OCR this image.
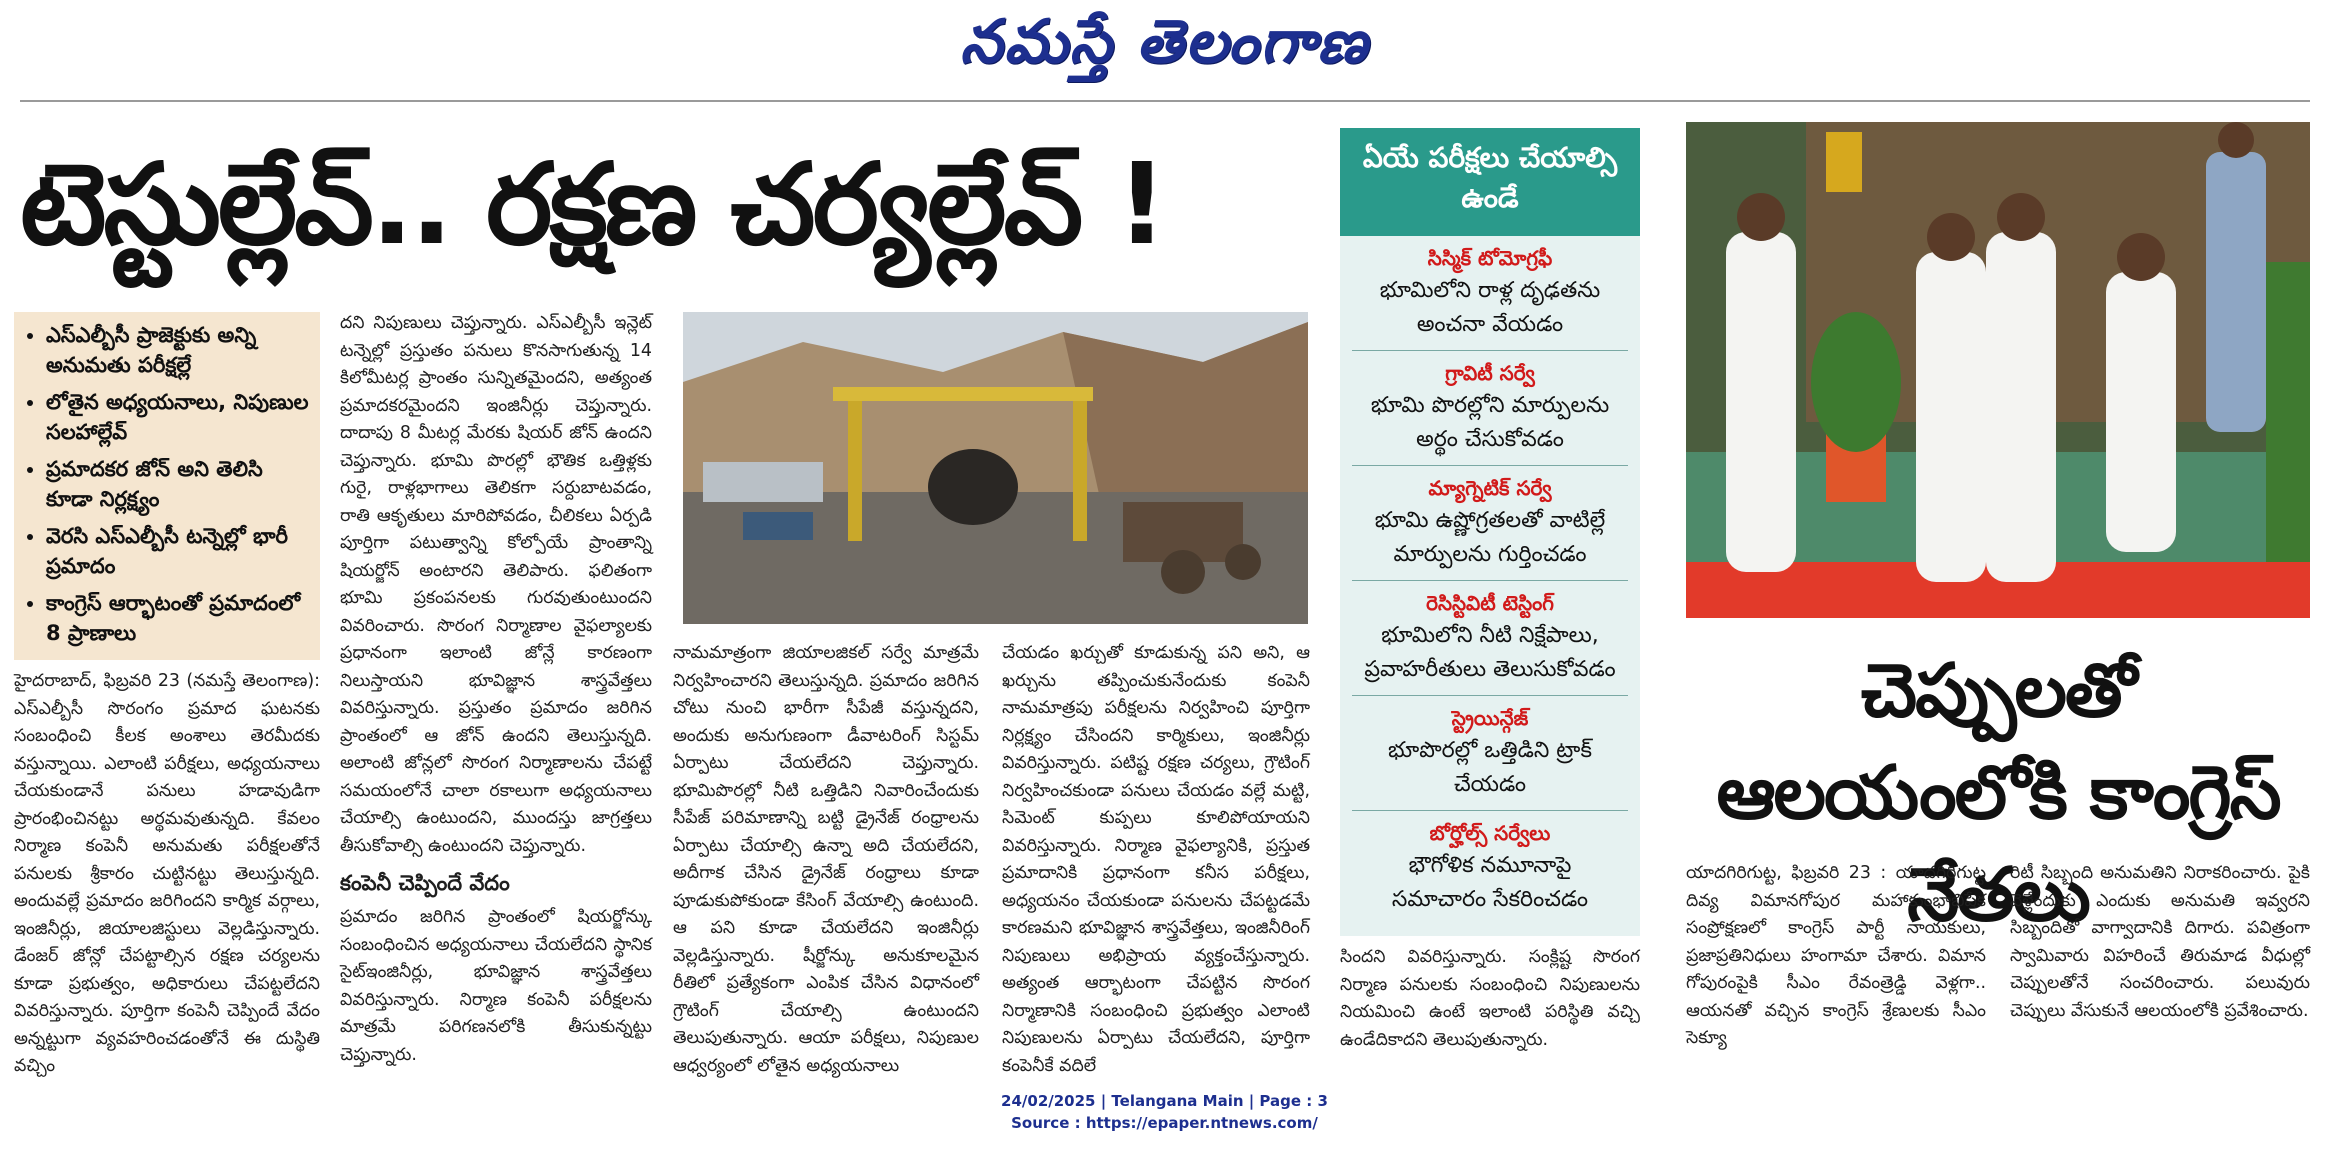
నమస్తే తెలంగాణ
టెస్టుల్లేవ్.. రక్షణ చర్యల్లేవ్ !
• ఎస్ఎల్బీసీ ప్రాజెక్టుకు అన్ని అనుమతు పరీక్షల్లే
• లోతైన అధ్యయనాలు, నిపుణుల సలహాల్లేవ్
• ప్రమాదకర జోన్ అని తెలిసి కూడా నిర్లక్ష్యం
• వెరసి ఎస్ఎల్బీసీ టన్నెల్లో భారీ ప్రమాదం
• కాంగ్రెస్ ఆర్భాటంతో ప్రమాదంలో 8 ప్రాణాలు
హైదరాబాద్, ఫిబ్రవరి 23 (నమస్తే తెలంగాణ): ఎస్ఎల్బీసీ సొరంగం ప్రమాద ఘటనకు సంబంధించి కీలక అంశాలు తెరమీదకు వస్తున్నాయి. ఎలాంటి పరీక్షలు, అధ్యయనాలు చేయకుండానే పనులు హడావుడిగా ప్రారంభించినట్టు అర్థమవుతున్నది. కేవలం నిర్మాణ కంపెనీ అనుమతు పరీక్షలతోనే పనులకు శ్రీకారం చుట్టినట్టు తెలుస్తున్నది. అందువల్లే ప్రమాదం జరిగిందని కార్మిక వర్గాలు, ఇంజినీర్లు, జియాలజిస్టులు వెల్లడిస్తున్నారు. డేంజర్ జోన్లో చేపట్టాల్సిన రక్షణ చర్యలను కూడా ప్రభుత్వం, అధికారులు చేపట్టలేదని వివరిస్తున్నారు. పూర్తిగా కంపెనీ చెప్పిందే వేదం అన్నట్టుగా వ్యవహరించడంతోనే ఈ దుస్థితి వచ్చిం
దని నిపుణులు చెప్తున్నారు. ఎస్ఎల్బీసీ ఇన్లెట్ టన్నెల్లో ప్రస్తుతం పనులు కొనసాగుతున్న 14 కిలోమీటర్ల ప్రాంతం సున్నితమైందని, అత్యంత ప్రమాదకరమైందని ఇంజినీర్లు చెప్తున్నారు. దాదాపు 8 మీటర్ల మేరకు షియర్ జోన్ ఉందని చెప్తున్నారు. భూమి పొరల్లో భౌతిక ఒత్తిళ్లకు గురై, రాళ్లభాగాలు తెలికగా సర్దుబాటవడం, రాతి ఆకృతులు మారిపోవడం, చీలికలు ఏర్పడి పూర్తిగా పటుత్వాన్ని కోల్పోయే ప్రాంతాన్ని షియర్జోన్ అంటారని తెలిపారు. ఫలితంగా భూమి ప్రకంపనలకు గురవుతుంటుందని వివరించారు. సొరంగ నిర్మాణాల వైఫల్యాలకు ప్రధానంగా ఇలాంటి జోన్లే కారణంగా నిలుస్తాయని భూవిజ్ఞాన శాస్త్రవేత్తలు వివరిస్తున్నారు. ప్రస్తుతం ప్రమాదం జరిగిన ప్రాంతంలో ఆ జోన్ ఉందని తెలుస్తున్నది. అలాంటి జోన్లలో సొరంగ నిర్మాణాలను చేపట్టే సమయంలోనే చాలా రకాలుగా అధ్యయనాలు చేయాల్సి ఉంటుందని, ముందస్తు జాగ్రత్తలు తీసుకోవాల్సి ఉంటుందని చెప్తున్నారు.
కంపెనీ చెప్పిందే వేదం
ప్రమాదం జరిగిన ప్రాంతంలో షియర్జోన్కు సంబంధించిన అధ్యయనాలు చేయలేదని స్థానిక సైట్ఇంజినీర్లు, భూవిజ్ఞాన శాస్త్రవేత్తలు వివరిస్తున్నారు. నిర్మాణ కంపెనీ పరీక్షలను మాత్రమే పరిగణనలోకి తీసుకున్నట్టు చెప్తున్నారు.
నామమాత్రంగా జియాలజికల్ సర్వే మాత్రమే నిర్వహించారని తెలుస్తున్నది. ప్రమాదం జరిగిన చోటు నుంచి భారీగా సీపేజీ వస్తున్నదని, అందుకు అనుగుణంగా డీవాటరింగ్ సిస్టమ్ ఏర్పాటు చేయలేదని చెప్తున్నారు. భూమిపొరల్లో నీటి ఒత్తిడిని నివారించేందుకు సీపేజ్ పరిమాణాన్ని బట్టి డ్రైనేజ్ రంధ్రాలను ఏర్పాటు చేయాల్సి ఉన్నా అది చేయలేదని, అదీగాక చేసిన డ్రైనేజ్ రంధ్రాలు కూడా పూడుకుపోకుండా కేసింగ్ వేయాల్సి ఉంటుంది. ఆ పని కూడా చేయలేదని ఇంజినీర్లు వెల్లడిస్తున్నారు. షీర్జోన్కు అనుకూలమైన రీతిలో ప్రత్యేకంగా ఎంపిక చేసిన విధానంలో గ్రౌటింగ్ చేయాల్సి ఉంటుందని తెలుపుతున్నారు. ఆయా పరీక్షలు, నిపుణుల ఆధ్వర్యంలో లోతైన అధ్యయనాలు
చేయడం ఖర్చుతో కూడుకున్న పని అని, ఆ ఖర్చును తప్పించుకునేందుకు కంపెనీ నామమాత్రపు పరీక్షలను నిర్వహించి పూర్తిగా నిర్లక్ష్యం చేసిందని కార్మికులు, ఇంజినీర్లు వివరిస్తున్నారు. పటిష్ట రక్షణ చర్యలు, గ్రౌటింగ్ నిర్వహించకుండా పనులు చేయడం వల్లే మట్టి, సిమెంట్ కుప్పలు కూలిపోయాయని వివరిస్తున్నారు. నిర్మాణ వైఫల్యానికి, ప్రస్తుత ప్రమాదానికి ప్రధానంగా కనీస పరీక్షలు, అధ్యయనం చేయకుండా పనులను చేపట్టడమే కారణమని భూవిజ్ఞాన శాస్త్రవేత్తలు, ఇంజినీరింగ్ నిపుణులు అభిప్రాయ వ్యక్తంచేస్తున్నారు. అత్యంత ఆర్భాటంగా చేపట్టిన సొరంగ నిర్మాణానికి సంబంధించి ప్రభుత్వం ఎలాంటి నిపుణులను ఏర్పాటు చేయలేదని, పూర్తిగా కంపెనీకే వదిలే
ఏయే పరీక్షలు చేయాల్సి ఉండే
సిస్మిక్ టోమోగ్రఫీ
భూమిలోని రాళ్ల దృఢతను అంచనా వేయడం
గ్రావిటీ సర్వే
భూమి పొరల్లోని మార్పులను అర్థం చేసుకోవడం
మ్యాగ్నెటిక్ సర్వే
భూమి ఉష్ణోగ్రతలతో వాటిల్లే మార్పులను గుర్తించడం
రెసిస్టివిటీ టెస్టింగ్
భూమిలోని నీటి నిక్షేపాలు, ప్రవాహరీతులు తెలుసుకోవడం
స్ట్రెయిన్గేజ్
భూపొరల్లో ఒత్తిడిని ట్రాక్ చేయడం
బోర్హోల్స్ సర్వేలు
భౌగోళిక నమూనాపై సమాచారం సేకరించడం
సిందని వివరిస్తున్నారు. సంక్లిష్ట సొరంగ నిర్మాణ పనులకు సంబంధించి నిపుణులను నియమించి ఉంటే ఇలాంటి పరిస్థితి వచ్చి ఉండేదికాదని తెలుపుతున్నారు.
చెప్పులతో ఆలయంలోకి కాంగ్రెస్ నేతలు
యాదగిరిగుట్ట, ఫిబ్రవరి 23 : యాదగిరిగుట్ట దివ్య విమానగోపుర మహాకుంభాభిషేక సంప్రోక్షణలో కాంగ్రెస్ పార్టీ నాయకులు, ప్రజాప్రతినిధులు హంగామా చేశారు. విమాన గోపురంపైకి సీఎం రేవంత్రెడ్డి వెళ్లగా.. ఆయనతో వచ్చిన కాంగ్రెస్ శ్రేణులకు సీఎం సెక్యూ
రిటీ సిబ్బంది అనుమతిని నిరాకరించారు. పైకి వెళ్లేందుకు ఎందుకు అనుమతి ఇవ్వరని సిబ్బందితో వాగ్వాదానికి దిగారు. పవిత్రంగా స్వామివారు విహరించే తిరుమాడ వీధుల్లో చెప్పులతోనే సంచరించారు. పలువురు చెప్పులు వేసుకునే ఆలయంలోకి ప్రవేశించారు.
24/02/2025 | Telangana Main | Page : 3
Source : https://epaper.ntnews.com/
